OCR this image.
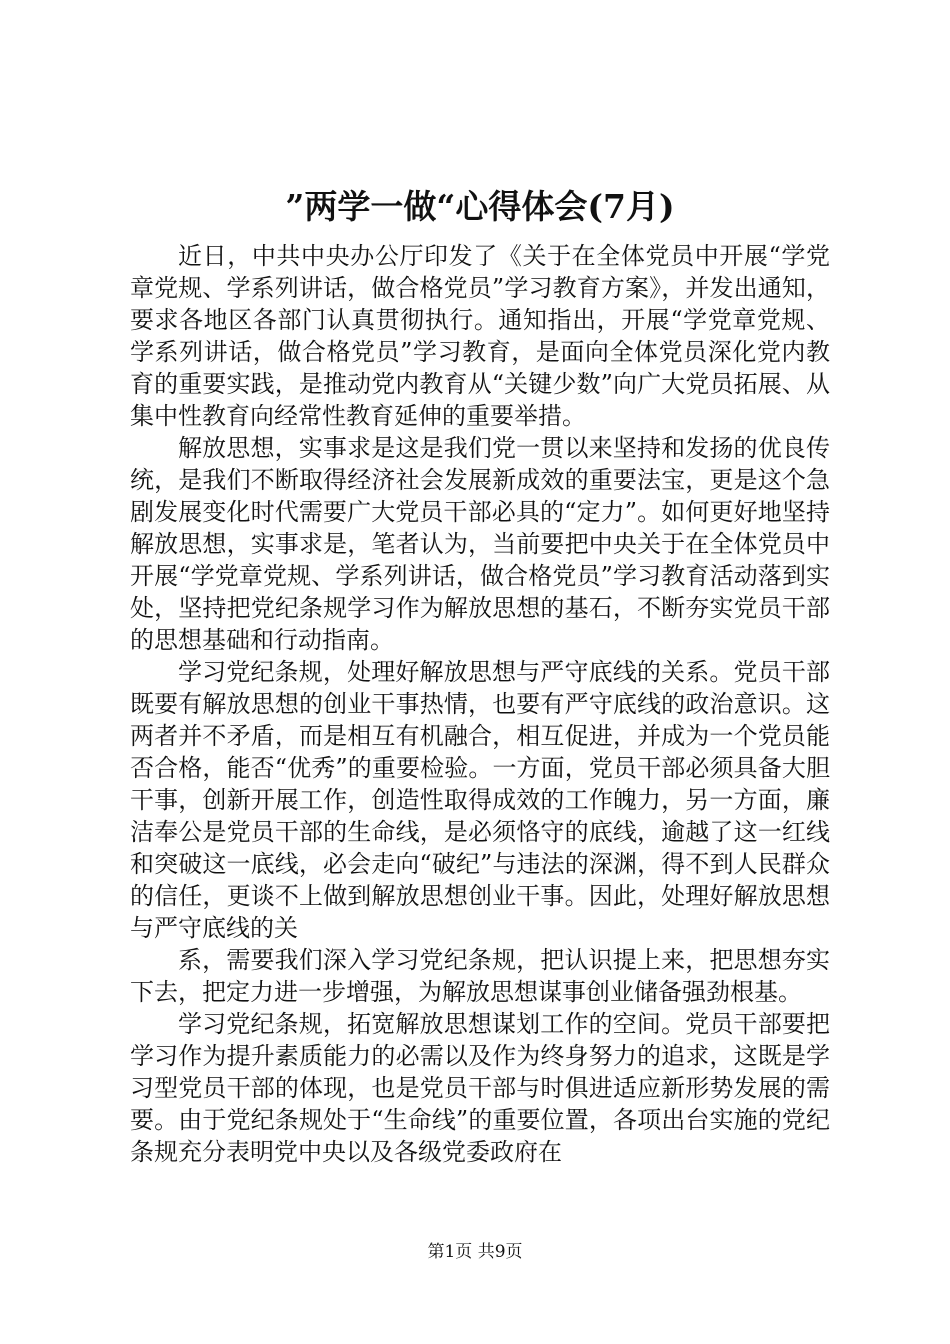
”两学一做“心得体会(7月)

近日，中共中央办公厅印发了《关于在全体党员中开展“学党章党规、学系列讲话，做合格党员”学习教育方案》，并发出通知，要求各地区各部门认真贯彻执行。通知指出，开展“学党章党规、学系列讲话，做合格党员”学习教育，是面向全体党员深化党内教育的重要实践，是推动党内教育从“关键少数”向广大党员拓展、从集中性教育向经常性教育延伸的重要举措。

解放思想，实事求是这是我们党一贯以来坚持和发扬的优良传统，是我们不断取得经济社会发展新成效的重要法宝，更是这个急剧发展变化时代需要广大党员干部必具的“定力”。如何更好地坚持解放思想，实事求是，笔者认为，当前要把中央关于在全体党员中开展“学党章党规、学系列讲话，做合格党员”学习教育活动落到实处，坚持把党纪条规学习作为解放思想的基石，不断夯实党员干部的思想基础和行动指南。

学习党纪条规，处理好解放思想与严守底线的关系。党员干部既要有解放思想的创业干事热情，也要有严守底线的政治意识。这两者并不矛盾，而是相互有机融合，相互促进，并成为一个党员能否合格，能否“优秀”的重要检验。一方面，党员干部必须具备大胆干事，创新开展工作，创造性取得成效的工作魄力，另一方面，廉洁奉公是党员干部的生命线，是必须恪守的底线，逾越了这一红线和突破这一底线，必会走向“破纪”与违法的深渊，得不到人民群众的信任，更谈不上做到解放思想创业干事。因此，处理好解放思想与严守底线的关

系，需要我们深入学习党纪条规，把认识提上来，把思想夯实下去，把定力进一步增强，为解放思想谋事创业储备强劲根基。

学习党纪条规，拓宽解放思想谋划工作的空间。党员干部要把学习作为提升素质能力的必需以及作为终身努力的追求，这既是学习型党员干部的体现，也是党员干部与时俱进适应新形势发展的需要。由于党纪条规处于“生命线”的重要位置，各项出台实施的党纪条规充分表明党中央以及各级党委政府在

第1页 共9页
